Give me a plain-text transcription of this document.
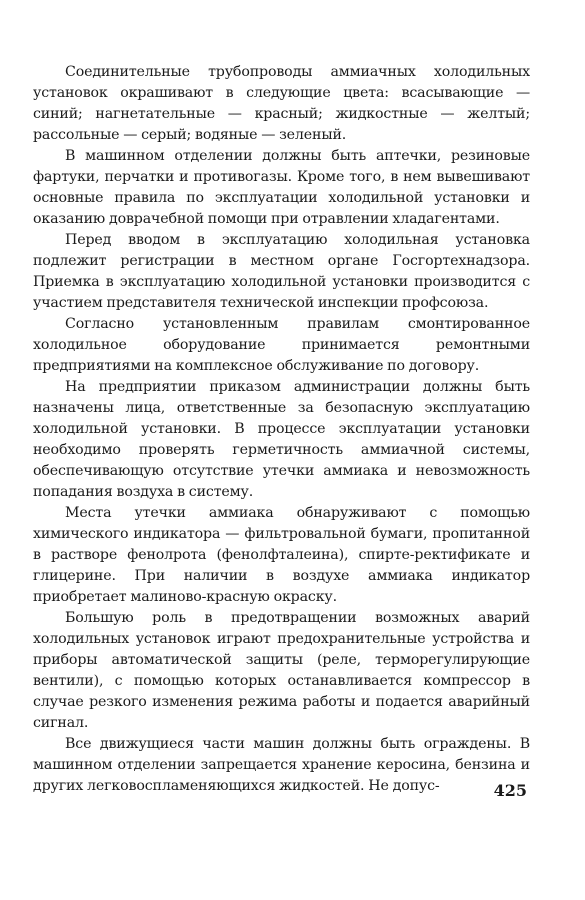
Соединительные трубопроводы аммиачных холодильных установок окрашивают в следующие цвета: всасывающие — синий; нагнетательные — красный; жидкостные — желтый; рассольные — серый; водяные — зеленый.

В машинном отделении должны быть аптечки, резиновые фартуки, перчатки и противогазы. Кроме того, в нем вывешивают основные правила по эксплуатации холодильной установки и оказанию доврачебной помощи при отравлении хладагентами.

Перед вводом в эксплуатацию холодильная установка подлежит регистрации в местном органе Госгортехнадзора. Приемка в эксплуатацию холодильной установки производится с участием представителя технической инспекции профсоюза.

Согласно установленным правилам смонтированное холодильное оборудование принимается ремонтными предприятиями на комплексное обслуживание по договору.

На предприятии приказом администрации должны быть назначены лица, ответственные за безопасную эксплуатацию холодильной установки. В процессе эксплуатации установки необходимо проверять герметичность аммиачной системы, обеспечивающую отсутствие утечки аммиака и невозможность попадания воздуха в систему.

Места утечки аммиака обнаруживают с помощью химического индикатора — фильтровальной бумаги, пропитанной в растворе фенолрота (фенолфталеина), спирте-ректификате и глицерине. При наличии в воздухе аммиака индикатор приобретает малиново-красную окраску.

Большую роль в предотвращении возможных аварий холодильных установок играют предохранительные устройства и приборы автоматической защиты (реле, терморегулирующие вентили), с помощью которых останавливается компрессор в случае резкого изменения режима работы и подается аварийный сигнал.

Все движущиеся части машин должны быть ограждены. В машинном отделении запрещается хранение керосина, бензина и других легковоспламеняющихся жидкостей. Не допус-	425
